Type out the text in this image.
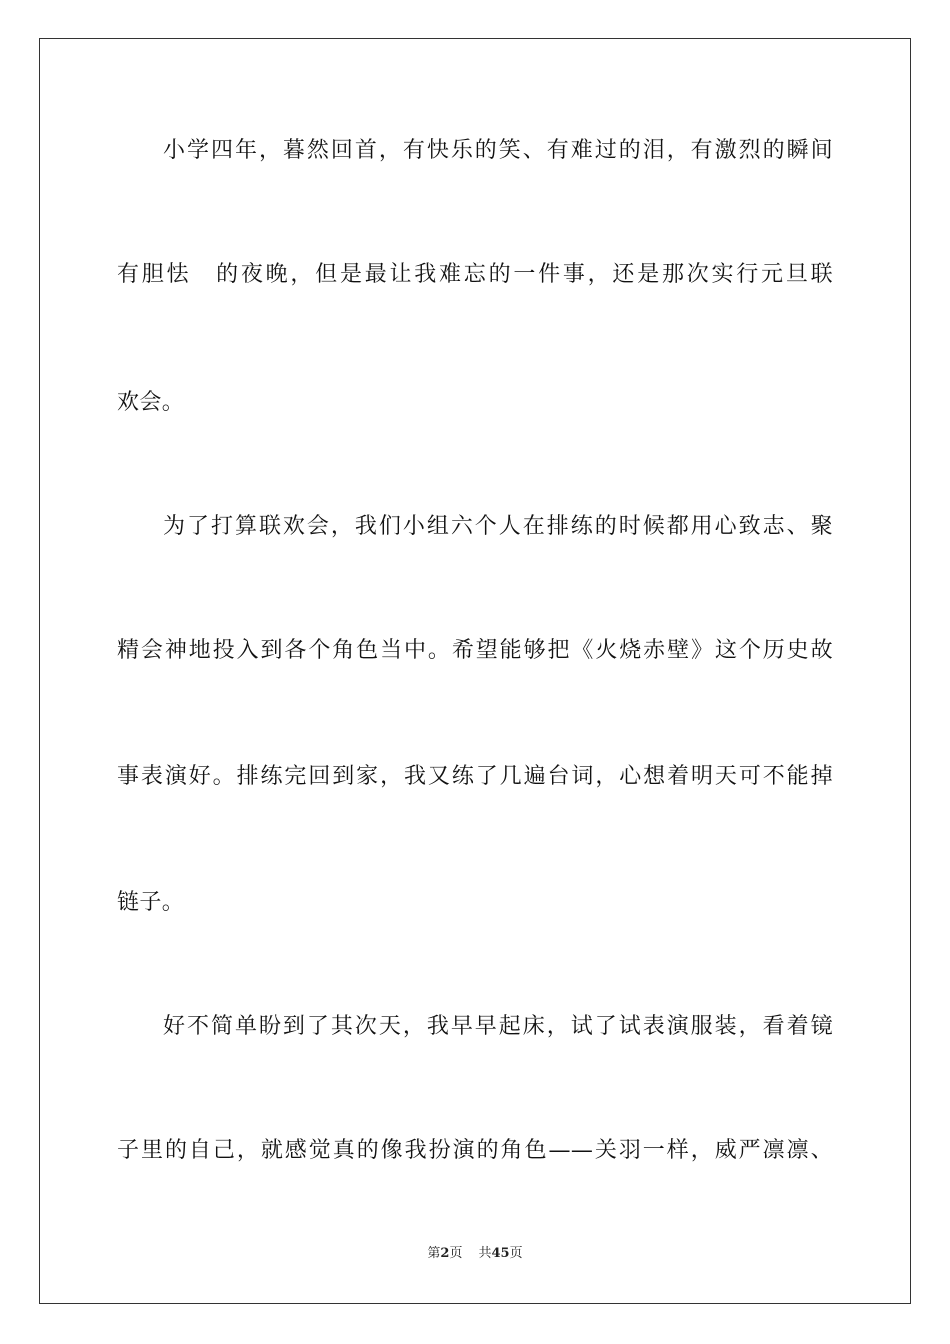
小学四年，暮然回首，有快乐的笑、有难过的泪，有激烈的瞬间
有胆怯　的夜晚，但是最让我难忘的一件事，还是那次实行元旦联
欢会。
为了打算联欢会，我们小组六个人在排练的时候都用心致志、聚
精会神地投入到各个角色当中。希望能够把《火烧赤壁》这个历史故
事表演好。排练完回到家，我又练了几遍台词，心想着明天可不能掉
链子。
好不简单盼到了其次天，我早早起床，试了试表演服装，看着镜
子里的自己，就感觉真的像我扮演的角色——关羽一样，威严凛凛、
第2页 共45页
